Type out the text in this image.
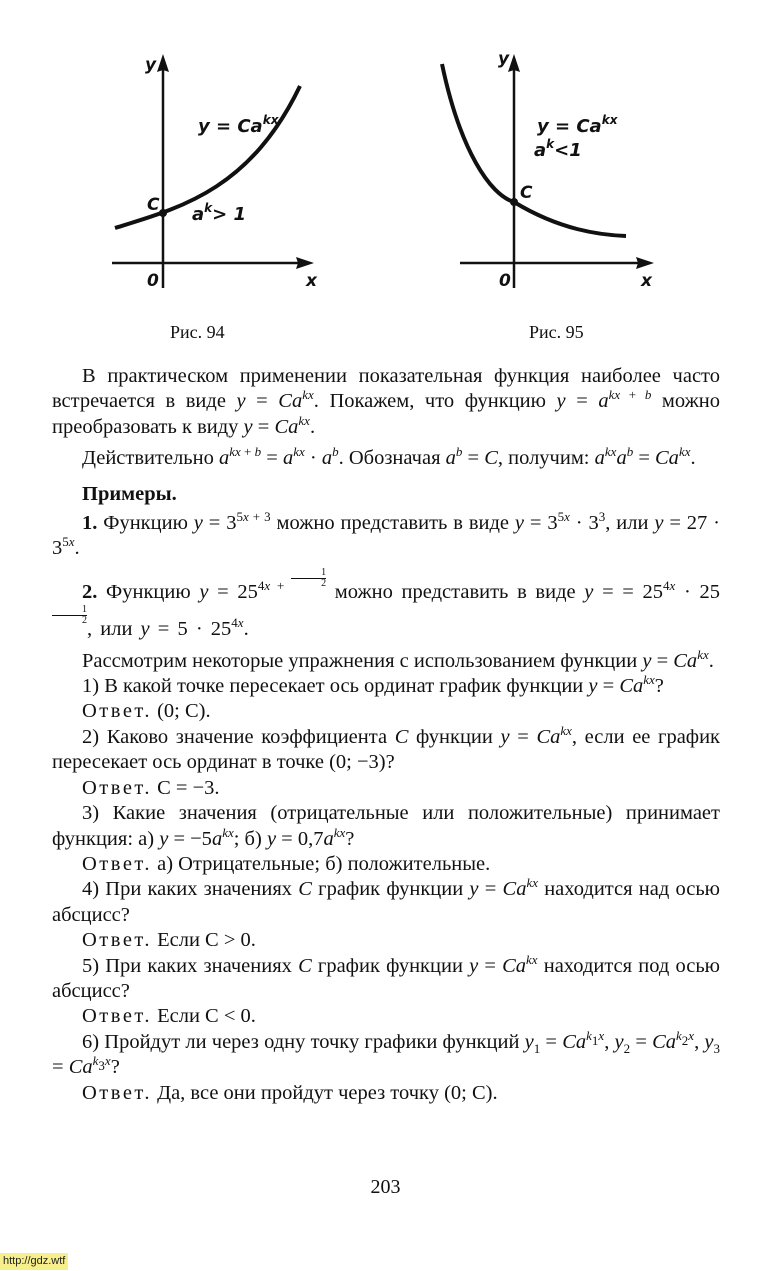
y
x
0
C
$y = Ca^{kx}$
$a^k> 1$
Рис. 94
y
x
0
C
$y = Ca^{kx}$
$a^k<1$
Рис. 95

В практическом применении показательная функция наиболее часто встречается в виде $y = Ca^{kx}$. Покажем, что функцию $y = a^{kx + b}$ можно преобразовать к виду $y = Ca^{kx}$.

Действительно $a^{kx + b} = a^{kx} \cdot a^b$. Обозначая $a^b = C$, получим: $a^{kx}a^b = Ca^{kx}$.

Примеры.

1. Функцию $y = 3^{5x + 3}$ можно представить в виде $y = 3^{5x} \cdot 3^3$, или $y = 27 \cdot 3^{5x}$.

2. Функцию $y = 25^{4x +} \frac{1}{2}$
можно представить в виде y = = $25^{4x} \cdot 25$
$\frac{1}{2}$
, или $y = 5 \cdot 25^{4x}$.

Рассмотрим некоторые упражнения с использованием функции $y = Ca^{kx}$.

1) В какой точке пересекает ось ординат график функции $y = Ca^{kx}$?

Ответ. (0; C).

2) Каково значение коэффициента C функции $y = Ca^{kx}$, если ее график пересекает ось ординат в точке (0; −3)?

Ответ. C = −3.

3) Какие значения (отрицательные или положительные) принимает функция: а) $y = -5a^{kx}$; б) $y = 0,7a^{kx}$?

Ответ. а) Отрицательные; б) положительные.

4) При каких значениях C график функции $y = Ca^{kx}$ находится над осью абсцисс?

Ответ. Если C > 0.

5) При каких значениях C график функции $y = Ca^{kx}$ находится под осью абсцисс?

Ответ. Если C < 0.

6) Пройдут ли через одну точку графики функций $y_1 = Ca^{k_1x}$, $y_2 = Ca^{k_2x}$, $y_3 = Ca^{k_3x}$?

Ответ. Да, все они пройдут через точку (0; C).

203
http://gdz.wtf
